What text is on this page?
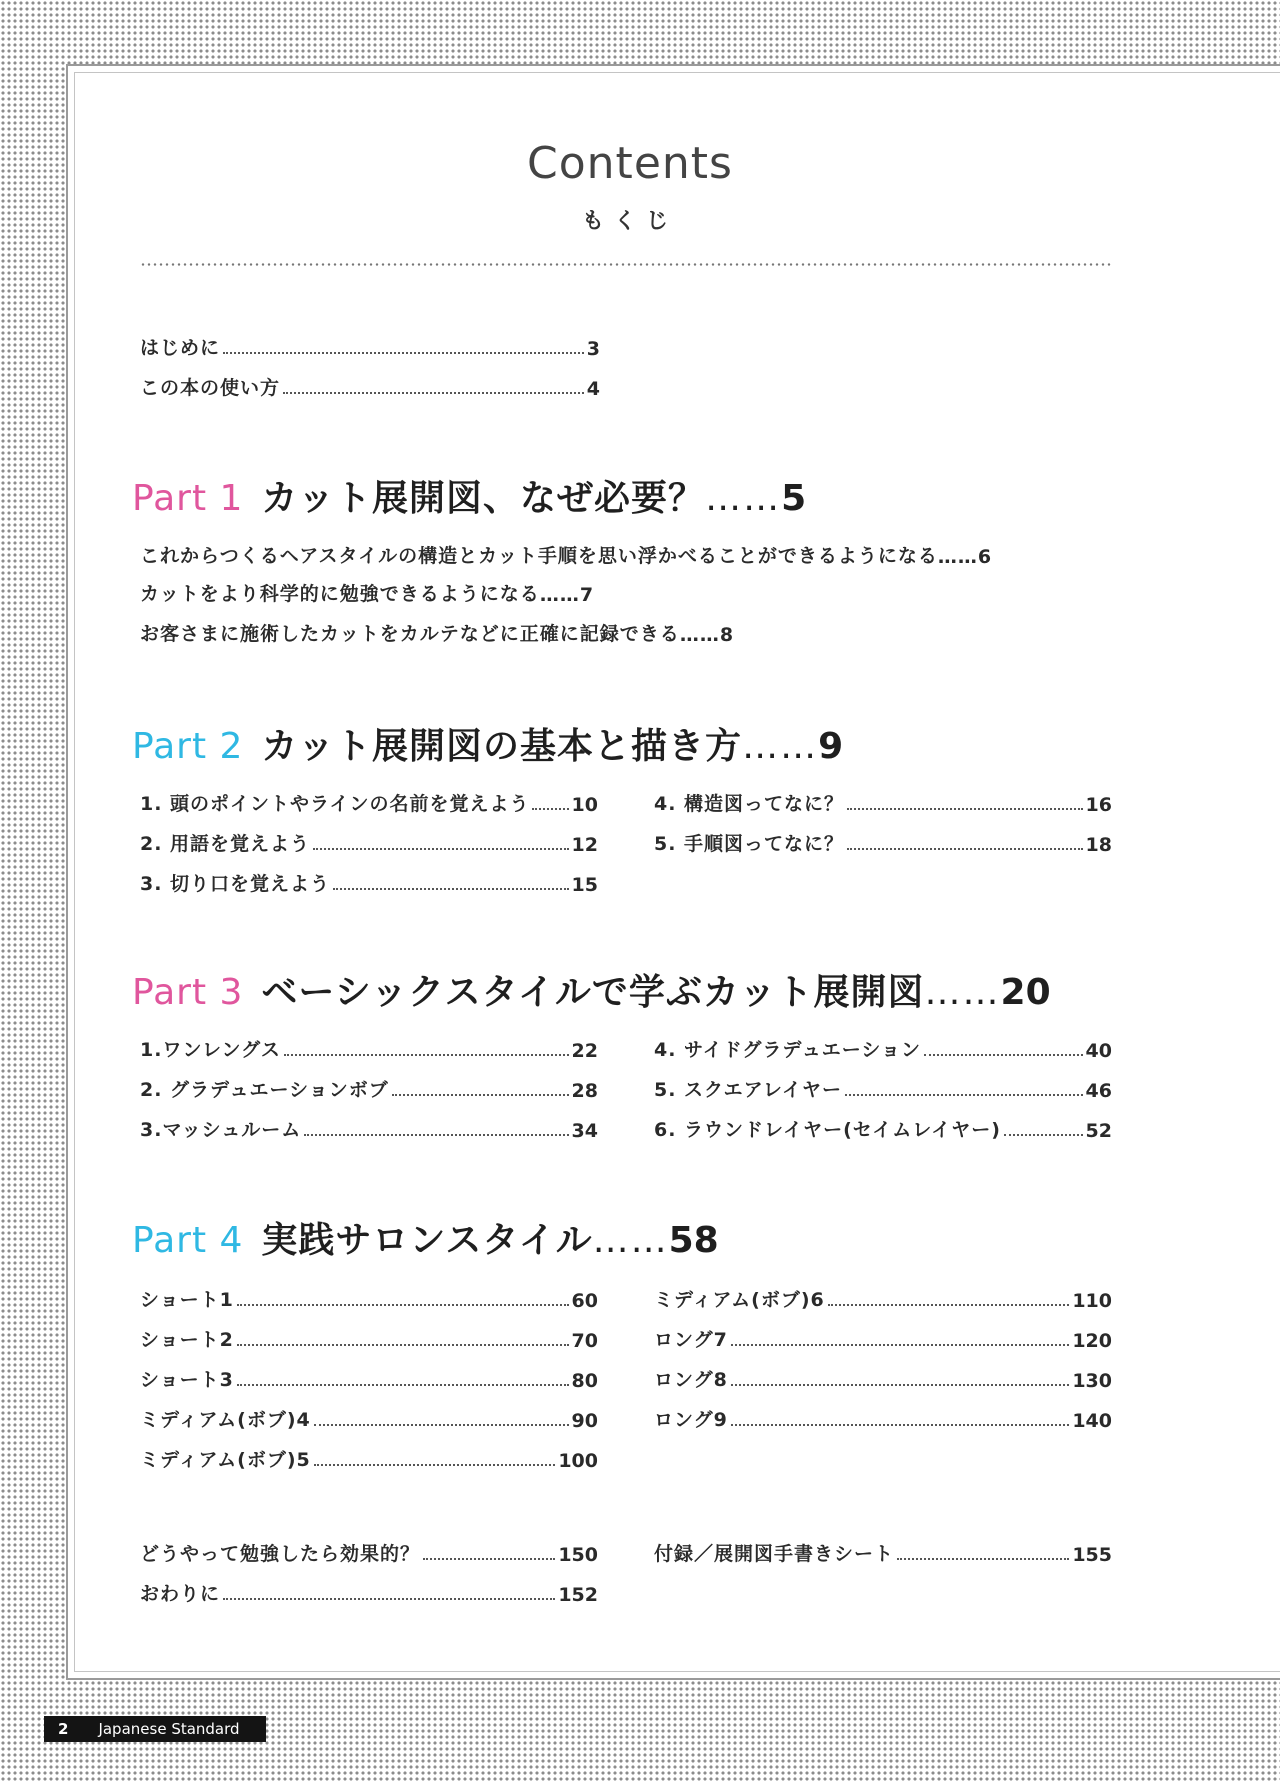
Contents
もくじ
はじめに	3
この本の使い方	4
Part 1 カット展開図、なぜ必要？ …… 5
これからつくるヘアスタイルの構造とカット手順を思い浮かべることができるようになる …… 6
カットをより科学的に勉強できるようになる …… 7
お客さまに施術したカットをカルテなどに正確に記録できる …… 8
Part 2 カット展開図の基本と描き方 …… 9
1. 頭のポイントやラインの名前を覚えよう 10
2. 用語を覚えよう	12
3. 切り口を覚えよう	15
4. 構造図ってなに？	16
5. 手順図ってなに？	18
Part 3 ベーシックスタイルで学ぶカット展開図 …… 20
1.ワンレングス	22
2. グラデュエーションボブ	28
3.マッシュルーム	34
4. サイドグラデュエーション	40
5. スクエアレイヤー	46
6. ラウンドレイヤー(セイムレイヤー)	52
Part 4 実践サロンスタイル …… 58
ショート1	60
ショート2	70
ショート3	80
ミディアム(ボブ)4	90
ミディアム(ボブ)5	100
ミディアム(ボブ)6	110
ロング7	120
ロング8	130
ロング9	140
どうやって勉強したら効果的？	150
おわりに	152
付録／展開図手書きシート	155
2 Japanese Standard
